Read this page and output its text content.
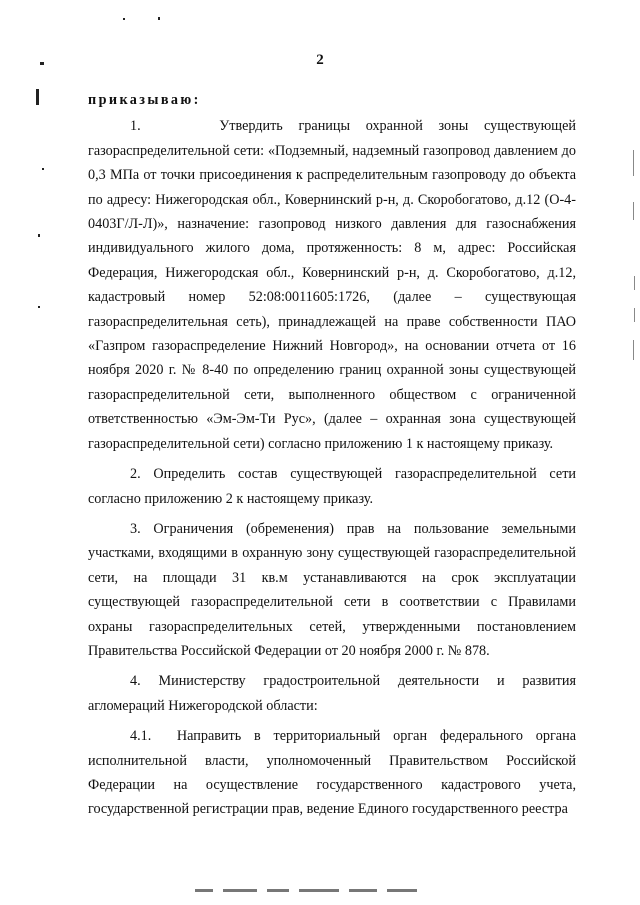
2
приказываю:

1.     Утвердить границы охранной зоны существующей газораспределительной сети: «Подземный, надземный газопровод давлением до 0,3 МПа от точки присоединения к распределительным газопроводу до объекта по адресу: Нижегородская обл., Ковернинский р-н, д. Скоробогатово, д.12 (О-4-0403Г/Л-Л)», назначение: газопровод низкого давления для газоснабжения индивидуального жилого дома, протяженность: 8 м, адрес: Российская Федерация, Нижегородская обл., Ковернинский р-н, д. Скоробогатово, д.12, кадастровый номер 52:08:0011605:1726, (далее – существующая газораспределительная сеть), принадлежащей на праве собственности ПАО «Газпром газораспределение Нижний Новгород», на основании отчета от 16 ноября 2020 г. № 8-40 по определению границ охранной зоны существующей газораспределительной сети, выполненного обществом с ограниченной ответственностью «Эм-Эм-Ти Рус», (далее – охранная зона существующей газораспределительной сети) согласно приложению 1 к настоящему приказу.

2. Определить состав существующей газораспределительной сети согласно приложению 2 к настоящему приказу.

3. Ограничения (обременения) прав на пользование земельными участками, входящими в охранную зону существующей газораспределительной сети, на площади 31 кв.м устанавливаются на срок эксплуатации существующей газораспределительной сети в соответствии с Правилами охраны газораспределительных сетей, утвержденными постановлением Правительства Российской Федерации от 20 ноября 2000 г. № 878.

4. Министерству градостроительной деятельности и развития агломераций Нижегородской области:

4.1.  Направить в территориальный орган федерального органа исполнительной власти, уполномоченный Правительством Российской Федерации на осуществление государственного кадастрового учета, государственной регистрации прав, ведение Единого государственного реестра
